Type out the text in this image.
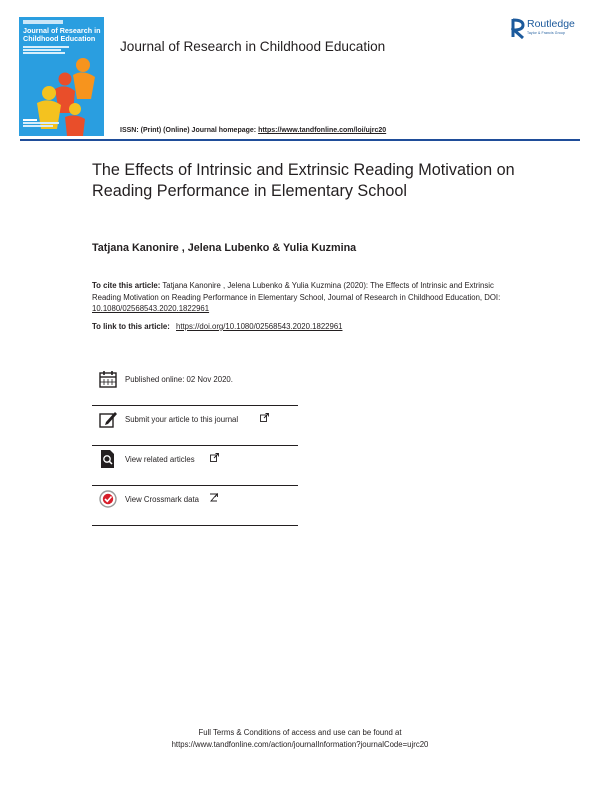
Journal of Research in
Childhood Education
Journal of Research in Childhood Education
ISSN: (Print) (Online) Journal homepage: https://www.tandfonline.com/loi/ujrc20
Routledge
Taylor & Francis Group
The Effects of Intrinsic and Extrinsic Reading Motivation on Reading Performance in Elementary School
Tatjana Kanonire , Jelena Lubenko & Yulia Kuzmina
To cite this article: Tatjana Kanonire , Jelena Lubenko & Yulia Kuzmina (2020): The Effects of Intrinsic and Extrinsic Reading Motivation on Reading Performance in Elementary School, Journal of Research in Childhood Education, DOI: 10.1080/02568543.2020.1822961
To link to this article: https://doi.org/10.1080/02568543.2020.1822961
Published online: 02 Nov 2020.
Submit your article to this journal
View related articles
View Crossmark data
Full Terms & Conditions of access and use can be found at
https://www.tandfonline.com/action/journalInformation?journalCode=ujrc20
